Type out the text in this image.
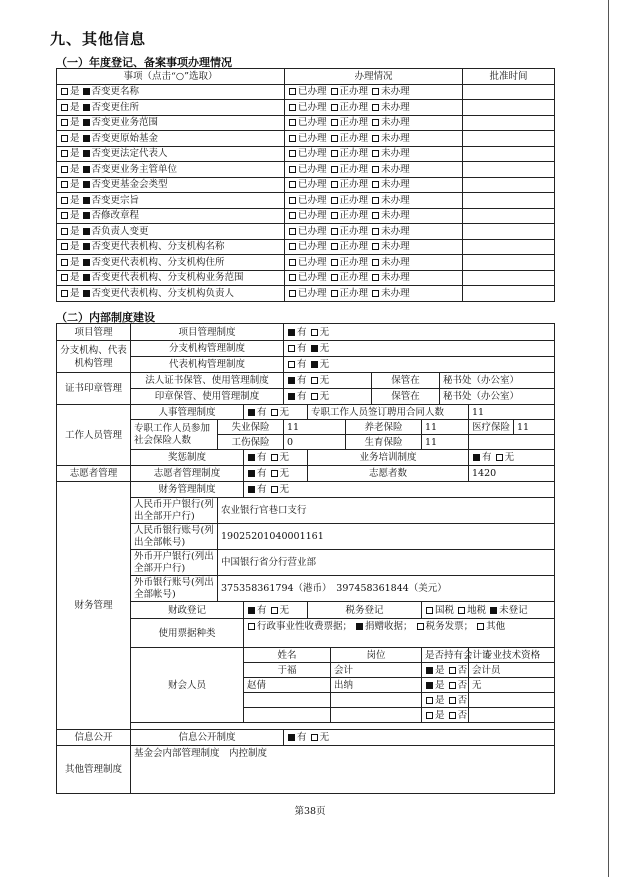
九、其他信息
（一）年度登记、备案事项办理情况
事项（点击“○”选取）	办理情况	批准时间
是 否变更名称	已办理 正办理 未办理	
是 否变更住所	已办理 正办理 未办理	
是 否变更业务范围	已办理 正办理 未办理	
是 否变更原始基金	已办理 正办理 未办理	
是 否变更法定代表人	已办理 正办理 未办理	
是 否变更业务主管单位	已办理 正办理 未办理	
是 否变更基金会类型	已办理 正办理 未办理	
是 否变更宗旨	已办理 正办理 未办理	
是 否修改章程	已办理 正办理 未办理	
是 否负责人变更	已办理 正办理 未办理	
是 否变更代表机构、分支机构名称	已办理 正办理 未办理	
是 否变更代表机构、分支机构住所	已办理 正办理 未办理	
是 否变更代表机构、分支机构业务范围	已办理 正办理 未办理	
是 否变更代表机构、分支机构负责人	已办理 正办理 未办理	
（二）内部制度建设
项目管理	项目管理制度			有 无								
分支机构、代表机构管理	分支机构管理制度			有 无								
	代表机构管理制度			有 无								
证书印章管理	法人证书保管、使用管理制度			有 无				保管在		秘书处（办公室）		
	印章保管、使用管理制度			有 无				保管在		秘书处（办公室）		
工作人员管理	人事管理制度		有 无		专职工作人员签订聘用合同人数						11	
	专职工作人员参加社会保险人数	失业保险		11			养老保险		11		医疗保险	11
		工伤保险		0			生育保险		11			
	奖惩制度		有 无		业务培训制度						有 无	
志愿者管理	志愿者管理制度		有 无		志愿者数						1420	
财务管理	财务管理制度		有 无									
	人民币开户银行(列出全部开户行)	农业银行官巷口支行										
	人民币银行账号(列出全部帐号)	19025201040001161										
	外币开户银行(列出全部开户行)	中国银行省分行营业部										
	外币银行账号(列出全部帐号)	375358361794（港币）　397458361844（美元）										
	财政登记		有 无		税务登记				国税 地税 未登记			
	使用票据种类		行政事业性收费票据； 捐赠收据； 税务发票； 其他									
	财会人员		姓名			岗位			是否持有会计证		专业技术资格	
			于福			会计			是 否		会计员	
			赵倩			出纳			是 否		无	
									是 否			
									是 否			

信息公开	信息公开制度			有 无								
其他管理制度	基金会内部管理制度　内控制度											
第38页
